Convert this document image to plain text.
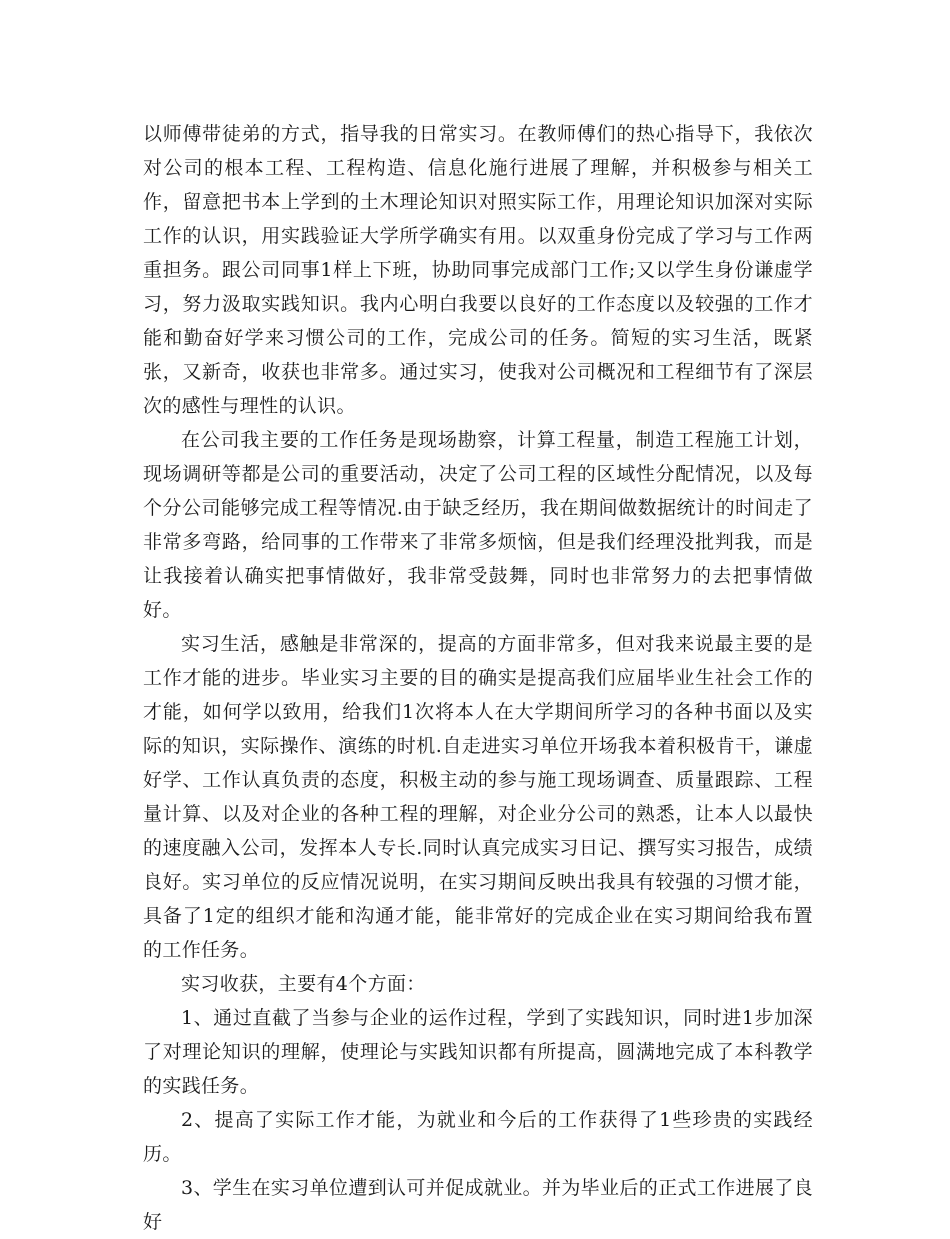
以师傅带徒弟的方式，指导我的日常实习。在教师傅们的热心指导下，我依次对公司的根本工程、工程构造、信息化施行进展了理解，并积极参与相关工作，留意把书本上学到的土木理论知识对照实际工作，用理论知识加深对实际工作的认识，用实践验证大学所学确实有用。以双重身份完成了学习与工作两重担务。跟公司同事1样上下班，协助同事完成部门工作;又以学生身份谦虚学习，努力汲取实践知识。我内心明白我要以良好的工作态度以及较强的工作才能和勤奋好学来习惯公司的工作，完成公司的任务。简短的实习生活，既紧张，又新奇，收获也非常多。通过实习，使我对公司概况和工程细节有了深层次的感性与理性的认识。

在公司我主要的工作任务是现场勘察，计算工程量，制造工程施工计划，现场调研等都是公司的重要活动，决定了公司工程的区域性分配情况，以及每个分公司能够完成工程等情况.由于缺乏经历，我在期间做数据统计的时间走了非常多弯路，给同事的工作带来了非常多烦恼，但是我们经理没批判我，而是让我接着认确实把事情做好，我非常受鼓舞，同时也非常努力的去把事情做好。

实习生活，感触是非常深的，提高的方面非常多，但对我来说最主要的是工作才能的进步。毕业实习主要的目的确实是提高我们应届毕业生社会工作的才能，如何学以致用，给我们1次将本人在大学期间所学习的各种书面以及实际的知识，实际操作、演练的时机.自走进实习单位开场我本着积极肯干，谦虚好学、工作认真负责的态度，积极主动的参与施工现场调查、质量跟踪、工程量计算、以及对企业的各种工程的理解，对企业分公司的熟悉，让本人以最快的速度融入公司，发挥本人专长.同时认真完成实习日记、撰写实习报告，成绩良好。实习单位的反应情况说明，在实习期间反映出我具有较强的习惯才能，具备了1定的组织才能和沟通才能，能非常好的完成企业在实习期间给我布置的工作任务。

实习收获，主要有4个方面：

1、通过直截了当参与企业的运作过程，学到了实践知识，同时进1步加深了对理论知识的理解，使理论与实践知识都有所提高，圆满地完成了本科教学的实践任务。

2、提高了实际工作才能，为就业和今后的工作获得了1些珍贵的实践经历。

3、学生在实习单位遭到认可并促成就业。并为毕业后的正式工作进展了良好
